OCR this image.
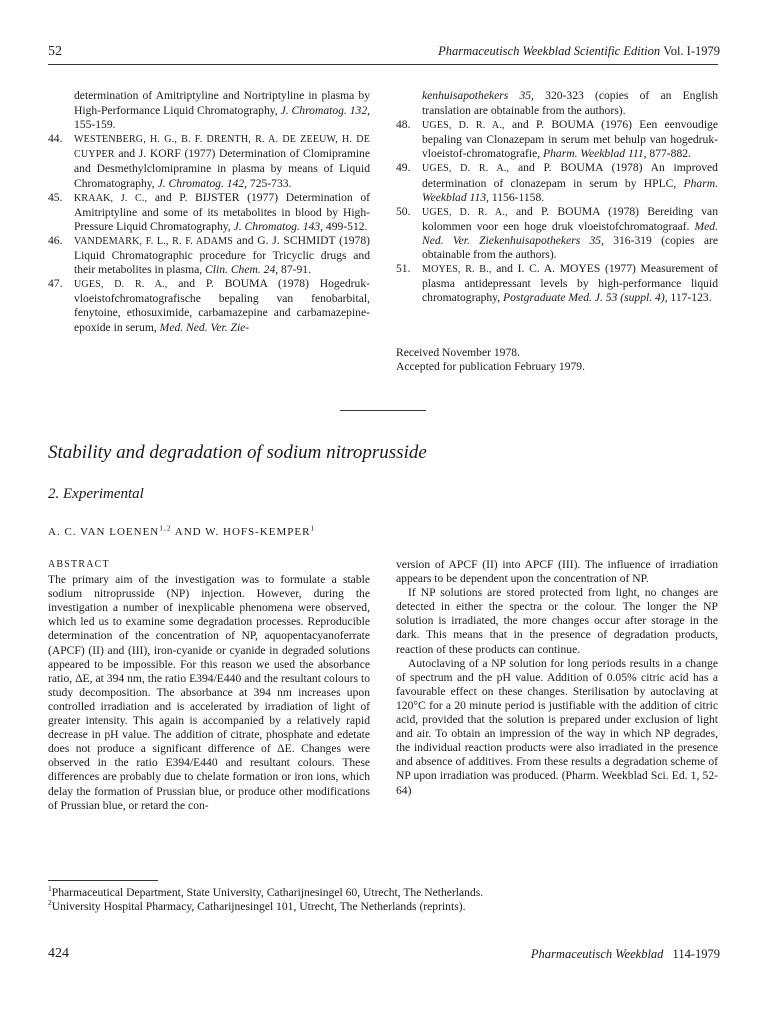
52	Pharmaceutisch Weekblad Scientific Edition Vol. I-1979

determination of Amitriptyline and Nortriptyline in plasma by High-Performance Liquid Chromatography, J. Chromatog. 132, 155-159.

44. WESTENBERG, H. G., B. F. DRENTH, R. A. DE ZEEUW, H. DE CUYPER and J. KORF (1977) Determination of Clomipramine and Desmethylclomipramine in plasma by means of Liquid Chromatography, J. Chromatog. 142, 725-733.

45. KRAAK, J. C., and P. BIJSTER (1977) Determination of Amitriptyline and some of its metabolites in blood by High-Pressure Liquid Chromatography, J. Chromatog. 143, 499-512.

46. VANDEMARK, F. L., R. F. ADAMS and G. J. SCHMIDT (1978) Liquid Chromatographic procedure for Tricyclic drugs and their metabolites in plasma, Clin. Chem. 24, 87-91.

47. UGES, D. R. A., and P. BOUMA (1978) Hogedruk-vloeistofchromatografische bepaling van fenobarbital, fenytoine, ethosuximide, carbamazepine and carbamazepine-epoxide in serum, Med. Ned. Ver. Zie-

kenhuisapothekers 35, 320-323 (copies of an English translation are obtainable from the authors).

48. UGES, D. R. A., and P. BOUMA (1976) Een eenvoudige bepaling van Clonazepam in serum met behulp van hogedruk-vloeistof-chromatografie, Pharm. Weekblad 111, 877-882.

49. UGES, D. R. A., and P. BOUMA (1978) An improved determination of clonazepam in serum by HPLC, Pharm. Weekblad 113, 1156-1158.

50. UGES, D. R. A., and P. BOUMA (1978) Bereiding van kolommen voor een hoge druk vloeistofchromatograaf. Med. Ned. Ver. Ziekenhuisapothekers 35, 316-319 (copies are obtainable from the authors).

51. MOYES, R. B., and I. C. A. MOYES (1977) Measurement of plasma antidepressant levels by high-performance liquid chromatography, Postgraduate Med. J. 53 (suppl. 4), 117-123.

Received November 1978.
Accepted for publication February 1979.
Stability and degradation of sodium nitroprusside
2. Experimental
A. C. VAN LOENEN$^{1,2}$ AND W. HOFS-KEMPER$^1$
ABSTRACT

The primary aim of the investigation was to formulate a stable sodium nitroprusside (NP) injection. However, during the investigation a number of inexplicable phenomena were observed, which led us to examine some degradation processes. Reproducible determination of the concentration of NP, aquopentacyanoferrate (APCF) (II) and (III), iron-cyanide or cyanide in degraded solutions appeared to be impossible. For this reason we used the absorbance ratio, ΔE, at 394 nm, the ratio E394/E440 and the resultant colours to study decomposition. The absorbance at 394 nm increases upon controlled irradiation and is accelerated by irradiation of light of greater intensity. This again is accompanied by a relatively rapid decrease in pH value. The addition of citrate, phosphate and edetate does not produce a significant difference of ΔE. Changes were observed in the ratio E394/E440 and resultant colours. These differences are probably due to chelate formation or iron ions, which delay the formation of Prussian blue, or produce other modifications of Prussian blue, or retard the con-

version of APCF (II) into APCF (III). The influence of irradiation appears to be dependent upon the concentration of NP.

If NP solutions are stored protected from light, no changes are detected in either the spectra or the colour. The longer the NP solution is irradiated, the more changes occur after storage in the dark. This means that in the presence of degradation products, reaction of these products can continue.

Autoclaving of a NP solution for long periods results in a change of spectrum and the pH value. Addition of 0.05% citric acid has a favourable effect on these changes. Sterilisation by autoclaving at 120°C for a 20 minute period is justifiable with the addition of citric acid, provided that the solution is prepared under exclusion of light and air. To obtain an impression of the way in which NP degrades, the individual reaction products were also irradiated in the presence and absence of additives. From these results a degradation scheme of NP upon irradiation was produced. (Pharm. Weekblad Sci. Ed. 1, 52-64)

$^1$Pharmaceutical Department, State University, Catharijnesingel 60, Utrecht, The Netherlands.
$^2$University Hospital Pharmacy, Catharijnesingel 101, Utrecht, The Netherlands (reprints).
424	Pharmaceutisch Weekblad 114-1979
